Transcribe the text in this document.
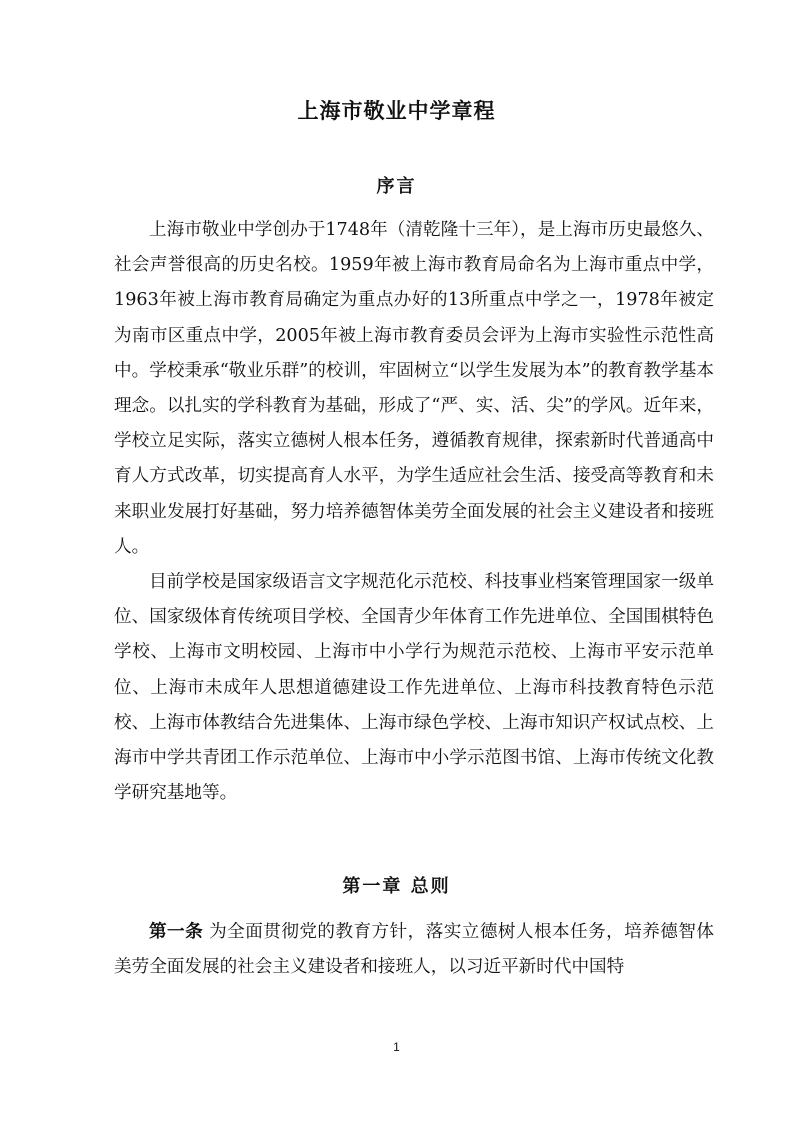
上海市敬业中学章程
序言

上海市敬业中学创办于1748年（清乾隆十三年），是上海市历史最悠久、社会声誉很高的历史名校。1959年被上海市教育局命名为上海市重点中学，1963年被上海市教育局确定为重点办好的13所重点中学之一，1978年被定为南市区重点中学，2005年被上海市教育委员会评为上海市实验性示范性高中。学校秉承“敬业乐群”的校训，牢固树立“以学生发展为本”的教育教学基本理念。以扎实的学科教育为基础，形成了“严、实、活、尖”的学风。近年来，学校立足实际，落实立德树人根本任务，遵循教育规律，探索新时代普通高中育人方式改革，切实提高育人水平，为学生适应社会生活、接受高等教育和未来职业发展打好基础，努力培养德智体美劳全面发展的社会主义建设者和接班人。

目前学校是国家级语言文字规范化示范校、科技事业档案管理国家一级单位、国家级体育传统项目学校、全国青少年体育工作先进单位、全国围棋特色学校、上海市文明校园、上海市中小学行为规范示范校、上海市平安示范单位、上海市未成年人思想道德建设工作先进单位、上海市科技教育特色示范校、上海市体教结合先进集体、上海市绿色学校、上海市知识产权试点校、上海市中学共青团工作示范单位、上海市中小学示范图书馆、上海市传统文化教学研究基地等。

第一章 总则

第一条 为全面贯彻党的教育方针，落实立德树人根本任务，培养德智体美劳全面发展的社会主义建设者和接班人，以习近平新时代中国特

1
